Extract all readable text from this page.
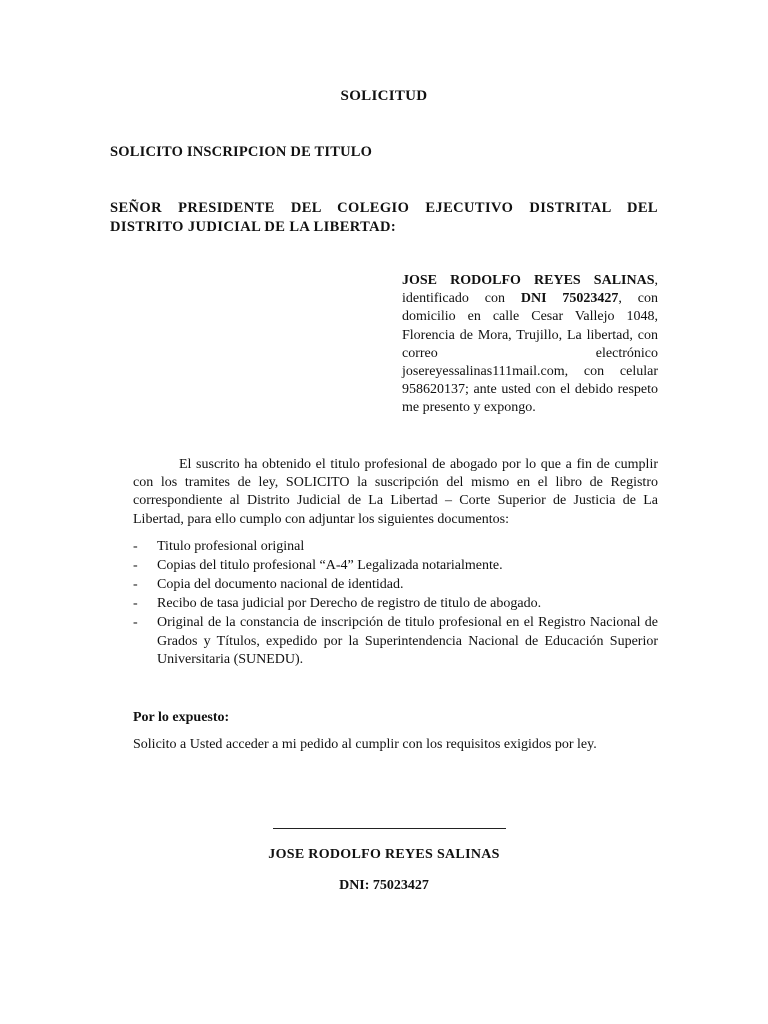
SOLICITUD
SOLICITO INSCRIPCION DE TITULO
SEÑOR PRESIDENTE DEL COLEGIO EJECUTIVO DISTRITAL DEL DISTRITO JUDICIAL DE LA LIBERTAD:
JOSE RODOLFO REYES SALINAS, identificado con DNI 75023427, con domicilio en calle Cesar Vallejo 1048, Florencia de Mora, Trujillo, La libertad, con correo electrónico josereyessalinas111mail.com, con celular 958620137; ante usted con el debido respeto me presento y expongo.
El suscrito ha obtenido el titulo profesional de abogado por lo que a fin de cumplir con los tramites de ley, SOLICITO la suscripción del mismo en el libro de Registro correspondiente al Distrito Judicial de La Libertad – Corte Superior de Justicia de La Libertad, para ello cumplo con adjuntar los siguientes documentos:
- Titulo profesional original
- Copias del titulo profesional “A-4” Legalizada notarialmente.
- Copia del documento nacional de identidad.
- Recibo de tasa judicial por Derecho de registro de titulo de abogado.
- Original de la constancia de inscripción de titulo profesional en el Registro Nacional de Grados y Títulos, expedido por la Superintendencia Nacional de Educación Superior Universitaria (SUNEDU).
Por lo expuesto:
Solicito a Usted acceder a mi pedido al cumplir con los requisitos exigidos por ley.
JOSE RODOLFO REYES SALINAS
DNI: 75023427
